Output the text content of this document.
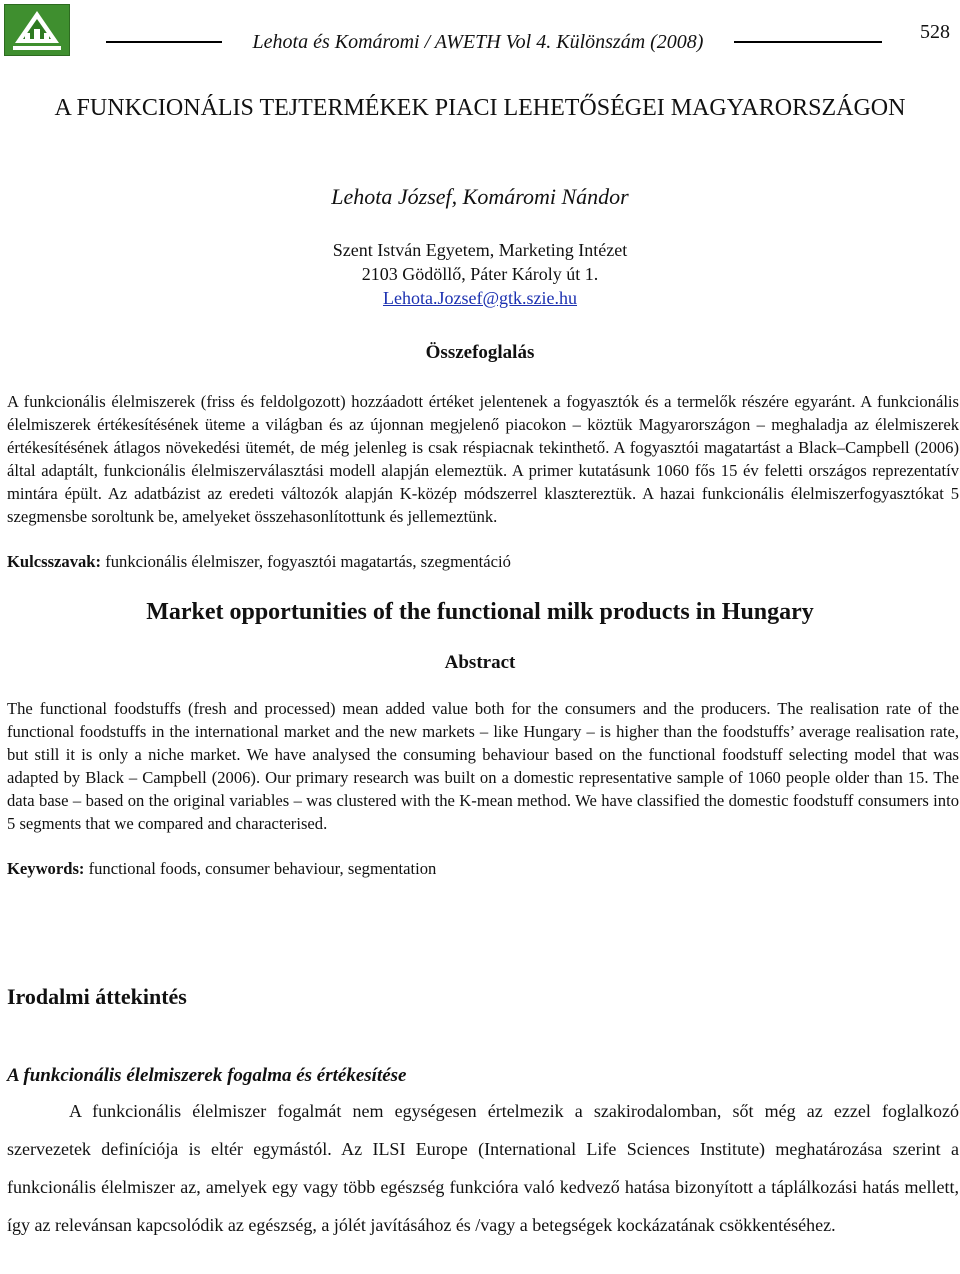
Lehota és Komáromi / AWETH Vol 4. Különszám (2008)	528
A FUNKCIONÁLIS TEJTERMÉKEK PIACI LEHETŐSÉGEI MAGYARORSZÁGON
Lehota József, Komáromi Nándor
Szent István Egyetem, Marketing Intézet
2103 Gödöllő, Páter Károly út 1.
Lehota.Jozsef@gtk.szie.hu
Összefoglalás

A funkcionális élelmiszerek (friss és feldolgozott) hozzáadott értéket jelentenek a fogyasztók és a termelők részére egyaránt. A funkcionális élelmiszerek értékesítésének üteme a világban és az újonnan megjelenő piacokon – köztük Magyarországon – meghaladja az élelmiszerek értékesítésének átlagos növekedési ütemét, de még jelenleg is csak réspiacnak tekinthető. A fogyasztói magatartást a Black–Campbell (2006) által adaptált, funkcionális élelmiszerválasztási modell alapján elemeztük. A primer kutatásunk 1060 fős 15 év feletti országos reprezentatív mintára épült. Az adatbázist az eredeti változók alapján K-közép módszerrel klasztereztük. A hazai funkcionális élelmiszerfogyasztókat 5 szegmensbe soroltunk be, amelyeket összehasonlítottunk és jellemeztünk.

Kulcsszavak: funkcionális élelmiszer, fogyasztói magatartás, szegmentáció

Market opportunities of the functional milk products in Hungary
Abstract

The functional foodstuffs (fresh and processed) mean added value both for the consumers and the producers. The realisation rate of the functional foodstuffs in the international market and the new markets – like Hungary – is higher than the foodstuffs’ average realisation rate, but still it is only a niche market. We have analysed the consuming behaviour based on the functional foodstuff selecting model that was adapted by Black – Campbell (2006). Our primary research was built on a domestic representative sample of 1060 people older than 15. The data base – based on the original variables – was clustered with the K-mean method. We have classified the domestic foodstuff consumers into 5 segments that we compared and characterised.

Keywords: functional foods, consumer behaviour, segmentation

Irodalmi áttekintés
A funkcionális élelmiszerek fogalma és értékesítése

A funkcionális élelmiszer fogalmát nem egységesen értelmezik a szakirodalomban, sőt még az ezzel foglalkozó szervezetek definíciója is eltér egymástól. Az ILSI Europe (International Life Sciences Institute) meghatározása szerint a funkcionális élelmiszer az, amelyek egy vagy több egészség funkcióra való kedvező hatása bizonyított a táplálkozási hatás mellett, így az relevánsan kapcsolódik az egészség, a jólét javításához és /vagy a betegségek kockázatának csökkentéséhez.
